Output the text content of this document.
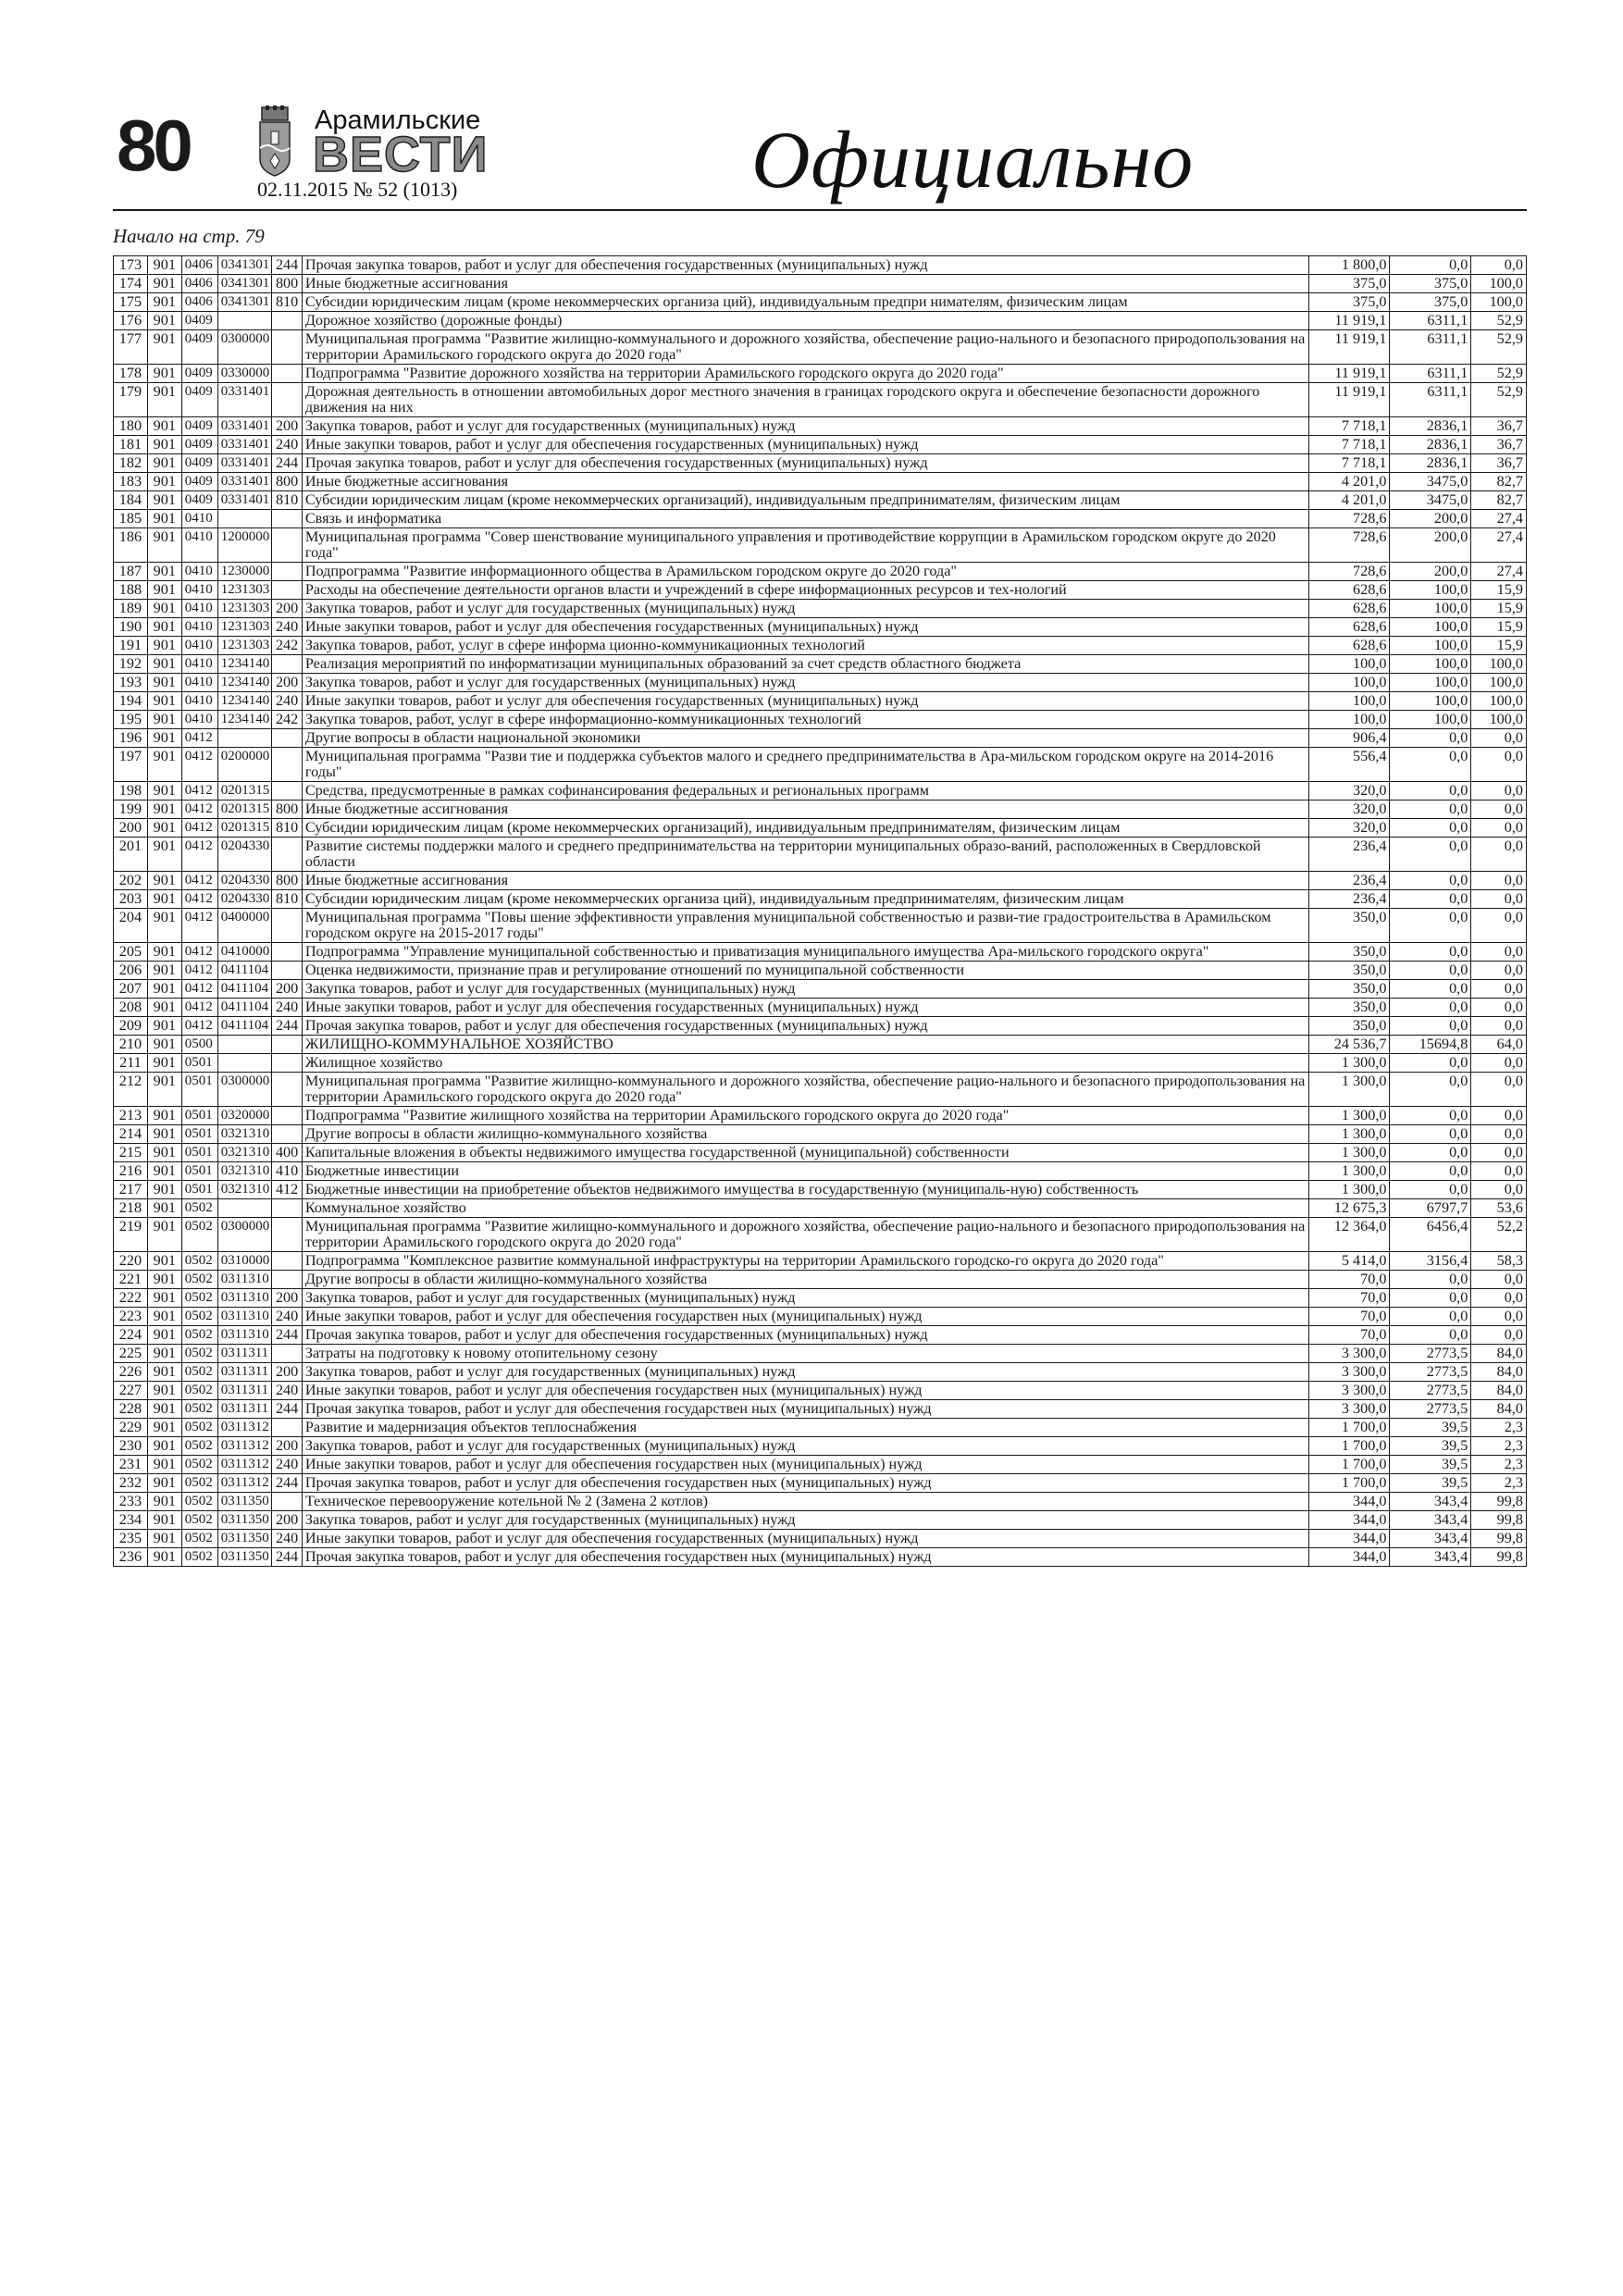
80	Арамильские
ВЕСТИ
02.11.2015 № 52 (1013)	Официально
Начало на стр. 79
173	901	0406	0341301	244	Прочая закупка товаров, работ и услуг для обеспечения государственных (муниципальных) нужд	1 800,0	0,0	0,0
174	901	0406	0341301	800	Иные бюджетные ассигнования	375,0	375,0	100,0
175	901	0406	0341301	810	Субсидии юридическим лицам (кроме некоммерческих организа ций), индивидуальным предпри нимателям, физическим лицам	375,0	375,0	100,0
176	901	0409			Дорожное хозяйство (дорожные фонды)	11 919,1	6311,1	52,9
177	901	0409	0300000		Муниципальная программа "Развитие жилищно-коммунального и дорожного хозяйства, обеспечение рацио-нального и безопасного природопользования на территории Арамильского городского округа до 2020 года"	11 919,1	6311,1	52,9
178	901	0409	0330000		Подпрограмма "Развитие дорожного хозяйства на территории Арамильского городского округа до 2020 года"	11 919,1	6311,1	52,9
179	901	0409	0331401		Дорожная деятельность в отношении автомобильных дорог местного значения в границах городского округа и обеспечение безопасности дорожного движения на них	11 919,1	6311,1	52,9
180	901	0409	0331401	200	Закупка товаров, работ и услуг для государственных (муниципальных) нужд	7 718,1	2836,1	36,7
181	901	0409	0331401	240	Иные закупки товаров, работ и услуг для обеспечения государственных (муниципальных) нужд	7 718,1	2836,1	36,7
182	901	0409	0331401	244	Прочая закупка товаров, работ и услуг для обеспечения государственных (муниципальных) нужд	7 718,1	2836,1	36,7
183	901	0409	0331401	800	Иные бюджетные ассигнования	4 201,0	3475,0	82,7
184	901	0409	0331401	810	Субсидии юридическим лицам (кроме некоммерческих организаций), индивидуальным предпринимателям, физическим лицам	4 201,0	3475,0	82,7
185	901	0410			Связь и информатика	728,6	200,0	27,4
186	901	0410	1200000		Муниципальная программа "Совер шенствование муниципального управления и противодействие коррупции в Арамильском городском округе до 2020 года"	728,6	200,0	27,4
187	901	0410	1230000		Подпрограмма "Развитие информационного общества в Арамильском городском округе до 2020 года"	728,6	200,0	27,4
188	901	0410	1231303		Расходы на обеспечение деятельности органов власти и учреждений в сфере информационных ресурсов и тех-нологий	628,6	100,0	15,9
189	901	0410	1231303	200	Закупка товаров, работ и услуг для государственных (муниципальных) нужд	628,6	100,0	15,9
190	901	0410	1231303	240	Иные закупки товаров, работ и услуг для обеспечения государственных (муниципальных) нужд	628,6	100,0	15,9
191	901	0410	1231303	242	Закупка товаров, работ, услуг в сфере информа ционно-коммуникационных технологий	628,6	100,0	15,9
192	901	0410	1234140		Реализация мероприятий по информатизации муниципальных образований за счет средств областного бюджета	100,0	100,0	100,0
193	901	0410	1234140	200	Закупка товаров, работ и услуг для государственных (муниципальных) нужд	100,0	100,0	100,0
194	901	0410	1234140	240	Иные закупки товаров, работ и услуг для обеспечения государственных (муниципальных) нужд	100,0	100,0	100,0
195	901	0410	1234140	242	Закупка товаров, работ, услуг в сфере информационно-коммуникационных технологий	100,0	100,0	100,0
196	901	0412			Другие вопросы в области национальной экономики	906,4	0,0	0,0
197	901	0412	0200000		Муниципальная программа "Разви тие и поддержка субъектов малого и среднего предпринимательства в Ара-мильском городском округе на 2014-2016 годы"	556,4	0,0	0,0
198	901	0412	0201315		Средства, предусмотренные в рамках софинансирования федеральных и региональных программ	320,0	0,0	0,0
199	901	0412	0201315	800	Иные бюджетные ассигнования	320,0	0,0	0,0
200	901	0412	0201315	810	Субсидии юридическим лицам (кроме некоммерческих организаций), индивидуальным предпринимателям, физическим лицам	320,0	0,0	0,0
201	901	0412	0204330		Развитие системы поддержки малого и среднего предпринимательства на территории муниципальных образо-ваний, расположенных в Свердловской области	236,4	0,0	0,0
202	901	0412	0204330	800	Иные бюджетные ассигнования	236,4	0,0	0,0
203	901	0412	0204330	810	Субсидии юридическим лицам (кроме некоммерческих организа ций), индивидуальным предпринимателям, физическим лицам	236,4	0,0	0,0
204	901	0412	0400000		Муниципальная программа "Повы шение эффективности управления муниципальной собственностью и разви-тие градостроительства в Арамильском городском округе на 2015-2017 годы"	350,0	0,0	0,0
205	901	0412	0410000		Подпрограмма "Управление муниципальной собственностью и приватизация муниципального имущества Ара-мильского городского округа"	350,0	0,0	0,0
206	901	0412	0411104		Оценка недвижимости, признание прав и регулирование отношений по муниципальной собственности	350,0	0,0	0,0
207	901	0412	0411104	200	Закупка товаров, работ и услуг для государственных (муниципальных) нужд	350,0	0,0	0,0
208	901	0412	0411104	240	Иные закупки товаров, работ и услуг для обеспечения государственных (муниципальных) нужд	350,0	0,0	0,0
209	901	0412	0411104	244	Прочая закупка товаров, работ и услуг для обеспечения государственных (муниципальных) нужд	350,0	0,0	0,0
210	901	0500			ЖИЛИЩНО-КОММУНАЛЬНОЕ ХОЗЯЙСТВО	24 536,7	15694,8	64,0
211	901	0501			Жилищное хозяйство	1 300,0	0,0	0,0
212	901	0501	0300000		Муниципальная программа "Развитие жилищно-коммунального и дорожного хозяйства, обеспечение рацио-нального и безопасного природопользования на территории Арамильского городского округа до 2020 года"	1 300,0	0,0	0,0
213	901	0501	0320000		Подпрограмма "Развитие жилищного хозяйства на территории Арамильского городского округа до 2020 года"	1 300,0	0,0	0,0
214	901	0501	0321310		Другие вопросы в области жилищно-коммунального хозяйства	1 300,0	0,0	0,0
215	901	0501	0321310	400	Капитальные вложения в объекты недвижимого имущества государственной (муниципальной) собственности	1 300,0	0,0	0,0
216	901	0501	0321310	410	Бюджетные инвестиции	1 300,0	0,0	0,0
217	901	0501	0321310	412	Бюджетные инвестиции на приобретение объектов недвижимого имущества в государственную (муниципаль-ную) собственность	1 300,0	0,0	0,0
218	901	0502			Коммунальное хозяйство	12 675,3	6797,7	53,6
219	901	0502	0300000		Муниципальная программа "Развитие жилищно-коммунального и дорожного хозяйства, обеспечение рацио-нального и безопасного природопользования на территории Арамильского городского округа до 2020 года"	12 364,0	6456,4	52,2
220	901	0502	0310000		Подпрограмма "Комплексное развитие коммунальной инфраструктуры на территории Арамильского городско-го округа до 2020 года"	5 414,0	3156,4	58,3
221	901	0502	0311310		Другие вопросы в области жилищно-коммунального хозяйства	70,0	0,0	0,0
222	901	0502	0311310	200	Закупка товаров, работ и услуг для государственных (муниципальных) нужд	70,0	0,0	0,0
223	901	0502	0311310	240	Иные закупки товаров, работ и услуг для обеспечения государствен ных (муниципальных) нужд	70,0	0,0	0,0
224	901	0502	0311310	244	Прочая закупка товаров, работ и услуг для обеспечения государственных (муниципальных) нужд	70,0	0,0	0,0
225	901	0502	0311311		Затраты на подготовку к новому отопительному сезону	3 300,0	2773,5	84,0
226	901	0502	0311311	200	Закупка товаров, работ и услуг для государственных (муниципальных) нужд	3 300,0	2773,5	84,0
227	901	0502	0311311	240	Иные закупки товаров, работ и услуг для обеспечения государствен ных (муниципальных) нужд	3 300,0	2773,5	84,0
228	901	0502	0311311	244	Прочая закупка товаров, работ и услуг для обеспечения государствен ных (муниципальных) нужд	3 300,0	2773,5	84,0
229	901	0502	0311312		Развитие и мадернизация объектов теплоснабжения	1 700,0	39,5	2,3
230	901	0502	0311312	200	Закупка товаров, работ и услуг для государственных (муниципальных) нужд	1 700,0	39,5	2,3
231	901	0502	0311312	240	Иные закупки товаров, работ и услуг для обеспечения государствен ных (муниципальных) нужд	1 700,0	39,5	2,3
232	901	0502	0311312	244	Прочая закупка товаров, работ и услуг для обеспечения государствен ных (муниципальных) нужд	1 700,0	39,5	2,3
233	901	0502	0311350		Техническое перевооружение котельной № 2 (Замена 2 котлов)	344,0	343,4	99,8
234	901	0502	0311350	200	Закупка товаров, работ и услуг для государственных (муниципальных) нужд	344,0	343,4	99,8
235	901	0502	0311350	240	Иные закупки товаров, работ и услуг для обеспечения государственных (муниципальных) нужд	344,0	343,4	99,8
236	901	0502	0311350	244	Прочая закупка товаров, работ и услуг для обеспечения государствен ных (муниципальных) нужд	344,0	343,4	99,8
